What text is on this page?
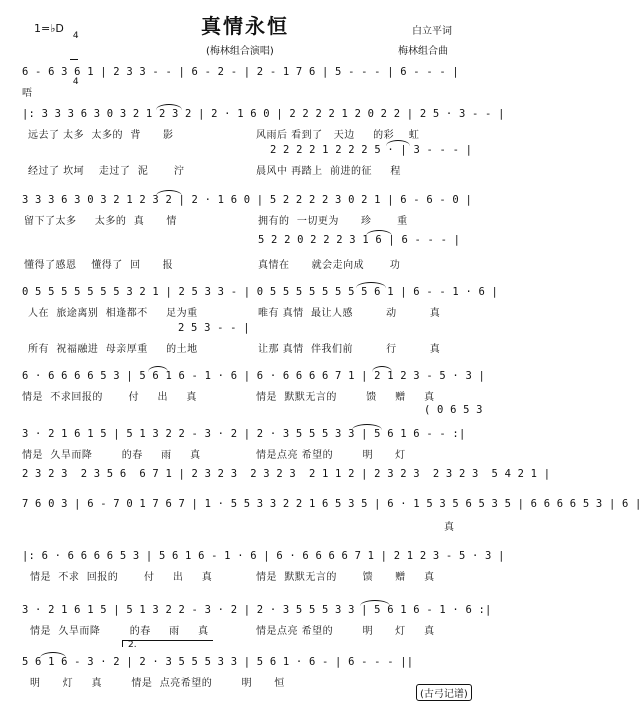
1=♭D

4

4

真情永恒	白立平词
(梅林组合演唱)	梅林组合曲
6 - 6 3 6 1 | 2 3 3 - - | 6 - 2 - | 2 - 1 7 6 | 5 - - - | 6 - - - |
唔
|: 3 3 3 6 3 0 3 2 1 2 3 2 | 2 · 1 6 0 | 2 2 2 2 1 2 0 2 2 | 2 5 · 3 - - |
远去了 太多  太多的  背      影	风雨后 看到了   天边     的彩    虹
2 2 2 2 1 2 2 2 5 · | 3 - - - |
经过了 坎坷    走过了  泥       泞	晨风中 再踏上  前进的征     程
3 3 3 6 3 0 3 2 1 2 3 2 | 2 · 1 6 0 | 5 2 2 2 2 3 0 2 1 | 6 - 6 - 0 |
留下了太多     太多的  真      情	拥有的  一切更为      珍       重
5 2 2 0 2 2 2 3 1 6 | 6 - - - |
懂得了感恩    懂得了  回      报	真情在      就会走向成       功
0 5 5 5 5 5 5 5 3 2 1 | 2 5 3 3 - | 0 5 5 5 5 5 5 5 5 6 1 | 6 - - 1 · 6 |
人在  旅途离别  相逢都不     足为重	唯有 真情  最让人感         动         真
2 5 3 - - |
所有  祝福融进  母亲厚重     的土地	让那 真情  伴我们前         行         真
6 · 6 6 6 6 5 3 | 5 6 1 6 - 1 · 6 | 6 · 6 6 6 6 7 1 | 2 1 2 3 - 5 · 3 |
情是  不求回报的       付     出     真	情是  默默无言的        馈     赠     真
( 0 6 5 3
3 · 2 1 6 1 5 | 5 1 3 2 2 - 3 · 2 | 2 · 3 5 5 5 3 3 | 5 6 1 6 - - :|
情是  久旱而降        的春     雨     真	情是点亮 希望的        明      灯
2 3 2 3  2 3 5 6  6 7 1 | 2 3 2 3  2 3 2 3  2 1 1 2 | 2 3 2 3  2 3 2 3  5 4 2 1 |
7 6 0 3 | 6 - 7 0 1 7 6 7 | 1 · 5 5 3 3 2 2 1 6 5 3 5 | 6 · 1 5 3 5 6 5 3 5 | 6 6 6 6 5 3 | 6 |
真
|: 6 · 6 6 6 6 5 3 | 5 6 1 6 - 1 · 6 | 6 · 6 6 6 6 7 1 | 2 1 2 3 - 5 · 3 |
情是  不求  回报的       付     出     真	情是  默默无言的       馈      赠     真
3 · 2 1 6 1 5 | 5 1 3 2 2 - 3 · 2 | 2 · 3 5 5 5 3 3 | 5 6 1 6 - 1 · 6 :|
情是  久旱而降        的春     雨     真	情是点亮 希望的        明      灯     真
2.
5 6 1 6 - 3 · 2 | 2 · 3 5 5 5 3 3 | 5 6 1 · 6 - | 6 - - - ||
明      灯     真        情是  点亮希望的        明      恒
(古弓记谱)
